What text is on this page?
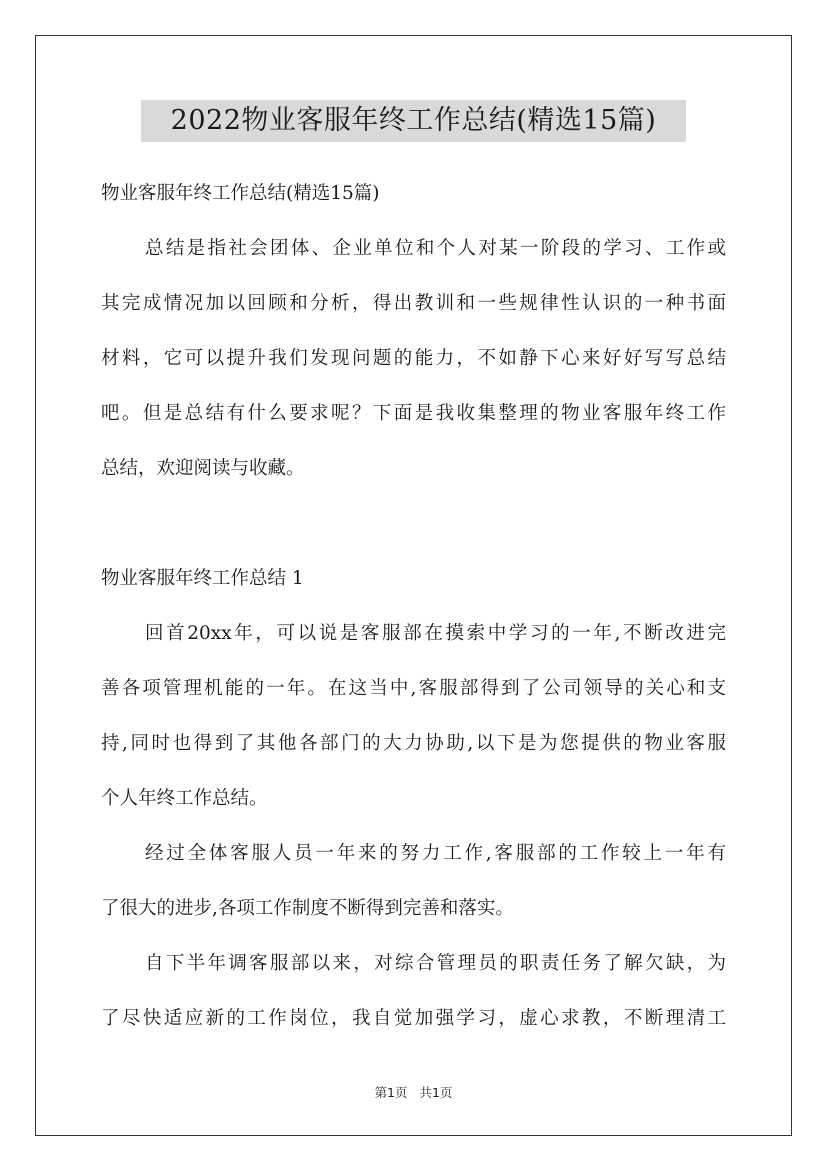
2022物业客服年终工作总结(精选15篇)

物业客服年终工作总结(精选15篇)

总结是指社会团体、企业单位和个人对某一阶段的学习、工作或

其完成情况加以回顾和分析，得出教训和一些规律性认识的一种书面

材料，它可以提升我们发现问题的能力，不如静下心来好好写写总结

吧。但是总结有什么要求呢？下面是我收集整理的物业客服年终工作

总结，欢迎阅读与收藏。

物业客服年终工作总结 1

回首20xx年，可以说是客服部在摸索中学习的一年,不断改进完

善各项管理机能的一年。在这当中,客服部得到了公司领导的关心和支

持,同时也得到了其他各部门的大力协助,以下是为您提供的物业客服

个人年终工作总结。

经过全体客服人员一年来的努力工作,客服部的工作较上一年有

了很大的进步,各项工作制度不断得到完善和落实。

自下半年调客服部以来，对综合管理员的职责任务了解欠缺，为

了尽快适应新的工作岗位，我自觉加强学习，虚心求教，不断理清工

第1页 共1页
